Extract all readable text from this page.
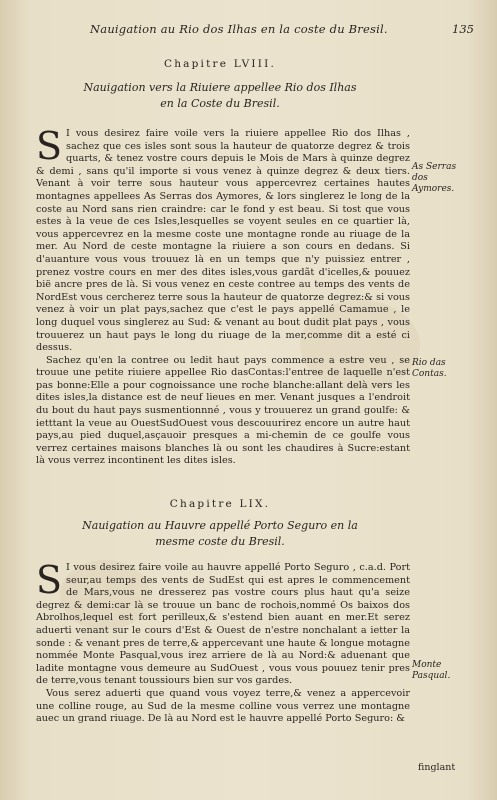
Nauigation au Rio dos Ilhas en la coste du Bresil.	135
Chapitre LVIII.
Nauigation vers la Riuiere appellee Rio dos Ilhas
en la Coste du Bresil.

S I vous desirez faire voile vers la riuiere appellee Rio dos Ilhas , sachez que ces isles sont sous la hauteur de quatorze degrez & trois quarts, & tenez vostre cours depuis le Mois de Mars à quinze degrez & demi , sans qu'il importe si vous venez à quinze degrez & deux tiers. Venant à voir terre sous hauteur vous appercevrez certaines hautes montagnes appellees As Serras dos Aymores, & lors singlerez le long de la coste au Nord sans rien craindre: car le fond y est beau. Si tost que vous estes à la veue de ces Isles,lesquelles se voyent seules en ce quartier là, vous appercevrez en la mesme coste une montagne ronde au riuage de la mer. Au Nord de ceste montagne la riuiere a son cours en dedans. Si d'auanture vous vous trouuez là en un temps que n'y puissiez entrer , prenez vostre cours en mer des dites isles,vous gardãt d'icelles,& pouuez bië ancre pres de là. Si vous venez en ceste contree au temps des vents de NordEst vous cercherez terre sous la hauteur de quatorze degrez:& si vous venez à voir un plat pays,sachez que c'est le pays appellé Camamue , le long duquel vous singlerez au Sud: & venant au bout dudit plat pays , vous trouuerez un haut pays le long du riuage de la mer,comme dit a esté ci dessus.

Sachez qu'en la contree ou ledit haut pays commence a estre veu , se trouue une petite riuiere appellee Rio dasContas:l'entree de laquelle n'est pas bonne:Elle a pour cognoissance une roche blanche:allant delà vers les dites isles,la distance est de neuf lieues en mer. Venant jusques a l'endroit du bout du haut pays susmentionnné , vous y trouuerez un grand goulfe: & ietttant la veue au OuestSudOuest vous descouurirez encore un autre haut pays,au pied duquel,asçauoir presques a mi-chemin de ce goulfe vous verrez certaines maisons blanches là ou sont les chaudires à Sucre:estant là vous verrez incontinent les dites isles.

As Serras dos Aymores.
Rio das Contas.
Chapitre LIX.
Nauigation au Hauvre appellé Porto Seguro en la
mesme coste du Bresil.

S I vous desirez faire voile au hauvre appellé Porto Seguro , c.a.d. Port seur,au temps des vents de SudEst qui est apres le commencement de Mars,vous ne dresserez pas vostre cours plus haut qu'a seize degrez & demi:car là se trouue un banc de rochois,nommé Os baixos dos Abrolhos,lequel est fort perilleux,& s'estend bien auant en mer.Et serez aduerti venant sur le cours d'Est & Ouest de n'estre nonchalant a ietter la sonde : & venant pres de terre,& appercevant une haute & longue motagne nommée Monte Pasqual,vous irez arriere de là au Nord:& aduenant que ladite montagne vous demeure au SudOuest , vous vous pouuez tenir pres de terre,vous tenant toussiours bien sur vos gardes.

Vous serez aduerti que quand vous voyez terre,& venez a appercevoir une colline rouge, au Sud de la mesme colline vous verrez une montagne auec un grand riuage. De là au Nord est le hauvre appellé Porto Seguro: &

Monte Pasqual.
finglant
